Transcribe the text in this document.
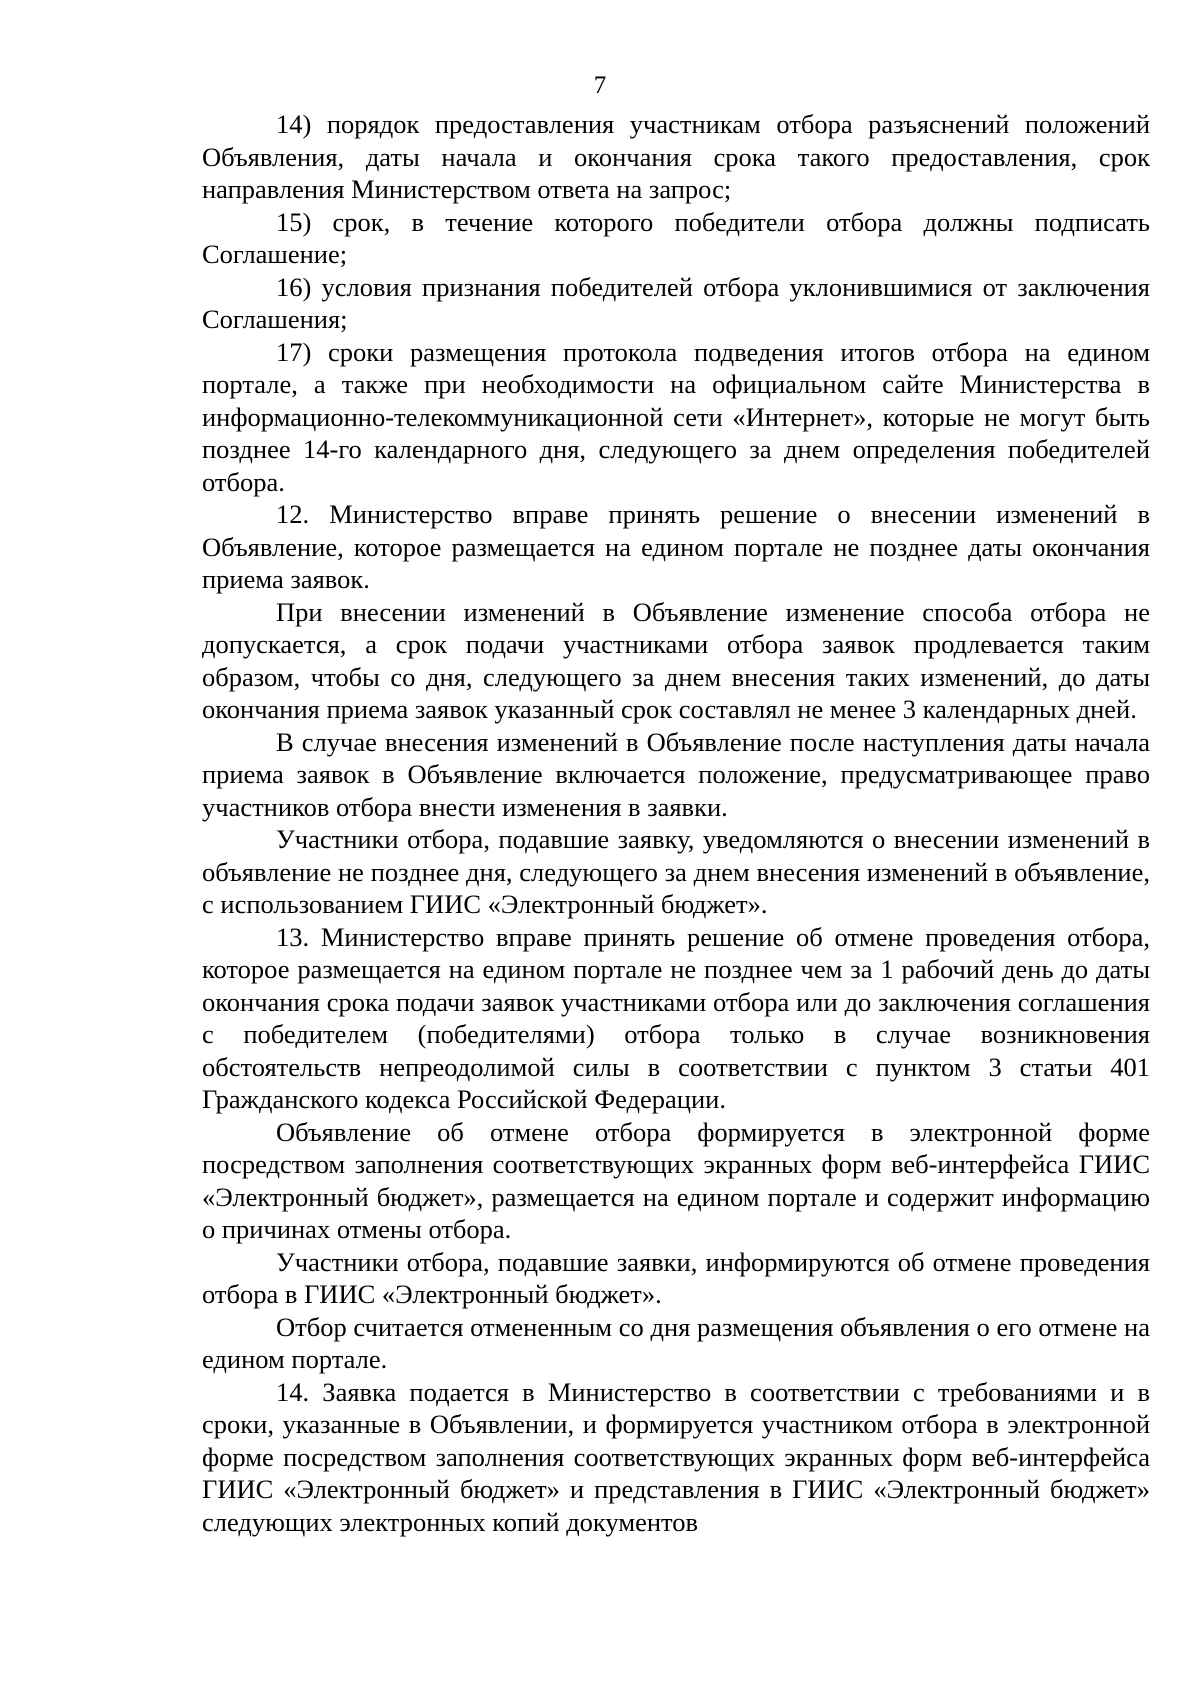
7

14) порядок предоставления участникам отбора разъяснений положений Объявления, даты начала и окончания срока такого предоставления, срок направления Министерством ответа на запрос;

15) срок, в течение которого победители отбора должны подписать Соглашение;

16) условия признания победителей отбора уклонившимися от заключения Соглашения;

17) сроки размещения протокола подведения итогов отбора на едином портале, а также при необходимости на официальном сайте Министерства в информационно-телекоммуникационной сети «Интернет», которые не могут быть позднее 14-го календарного дня, следующего за днем определения победителей отбора.

12. Министерство вправе принять решение о внесении изменений в Объявление, которое размещается на едином портале не позднее даты окончания приема заявок.

При внесении изменений в Объявление изменение способа отбора не допускается, а срок подачи участниками отбора заявок продлевается таким образом, чтобы со дня, следующего за днем внесения таких изменений, до даты окончания приема заявок указанный срок составлял не менее 3 календарных дней.

В случае внесения изменений в Объявление после наступления даты начала приема заявок в Объявление включается положение, предусматривающее право участников отбора внести изменения в заявки.

Участники отбора, подавшие заявку, уведомляются о внесении изменений в объявление не позднее дня, следующего за днем внесения изменений в объявление, с использованием ГИИС «Электронный бюджет».

13. Министерство вправе принять решение об отмене проведения отбора, которое размещается на едином портале не позднее чем за 1 рабочий день до даты окончания срока подачи заявок участниками отбора или до заключения соглашения с победителем (победителями) отбора только в случае возникновения обстоятельств непреодолимой силы в соответствии с пунктом 3 статьи 401 Гражданского кодекса Российской Федерации.

Объявление об отмене отбора формируется в электронной форме посредством заполнения соответствующих экранных форм веб-интерфейса ГИИС «Электронный бюджет», размещается на едином портале и содержит информацию о причинах отмены отбора.

Участники отбора, подавшие заявки, информируются об отмене проведения отбора в ГИИС «Электронный бюджет».

Отбор считается отмененным со дня размещения объявления о его отмене на едином портале.

14. Заявка подается в Министерство в соответствии с требованиями и в сроки, указанные в Объявлении, и формируется участником отбора в электронной форме посредством заполнения соответствующих экранных форм веб-интерфейса ГИИС «Электронный бюджет» и представления в ГИИС «Электронный бюджет» следующих электронных копий документов
